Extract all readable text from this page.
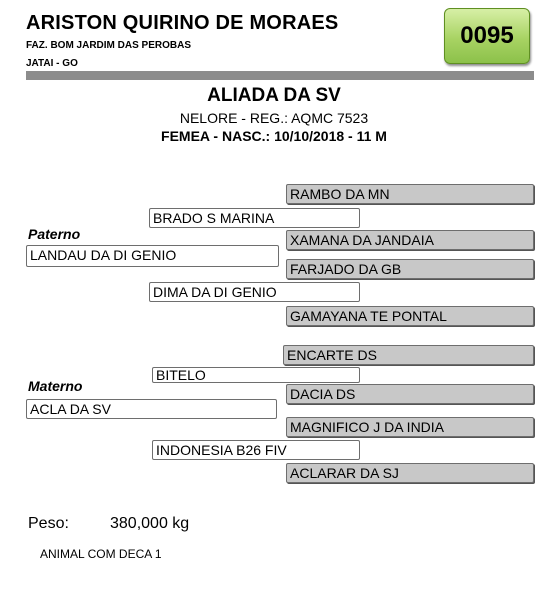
ARISTON QUIRINO DE MORAES
FAZ. BOM JARDIM DAS PEROBAS
JATAI - GO
0095
ALIADA DA SV
NELORE - REG.: AQMC 7523
FEMEA - NASC.: 10/10/2018 - 11 M
RAMBO DA MN
BRADO S MARINA
Paterno	XAMANA DA JANDAIA
LANDAU DA DI GENIO
FARJADO DA GB
DIMA DA DI GENIO
GAMAYANA TE PONTAL
ENCARTE DS
BITELO
Materno	DACIA DS
ACLA DA SV
MAGNIFICO J DA INDIA
INDONESIA B26 FIV
ACLARAR DA SJ
Peso:	380,000 kg
ANIMAL COM DECA 1
